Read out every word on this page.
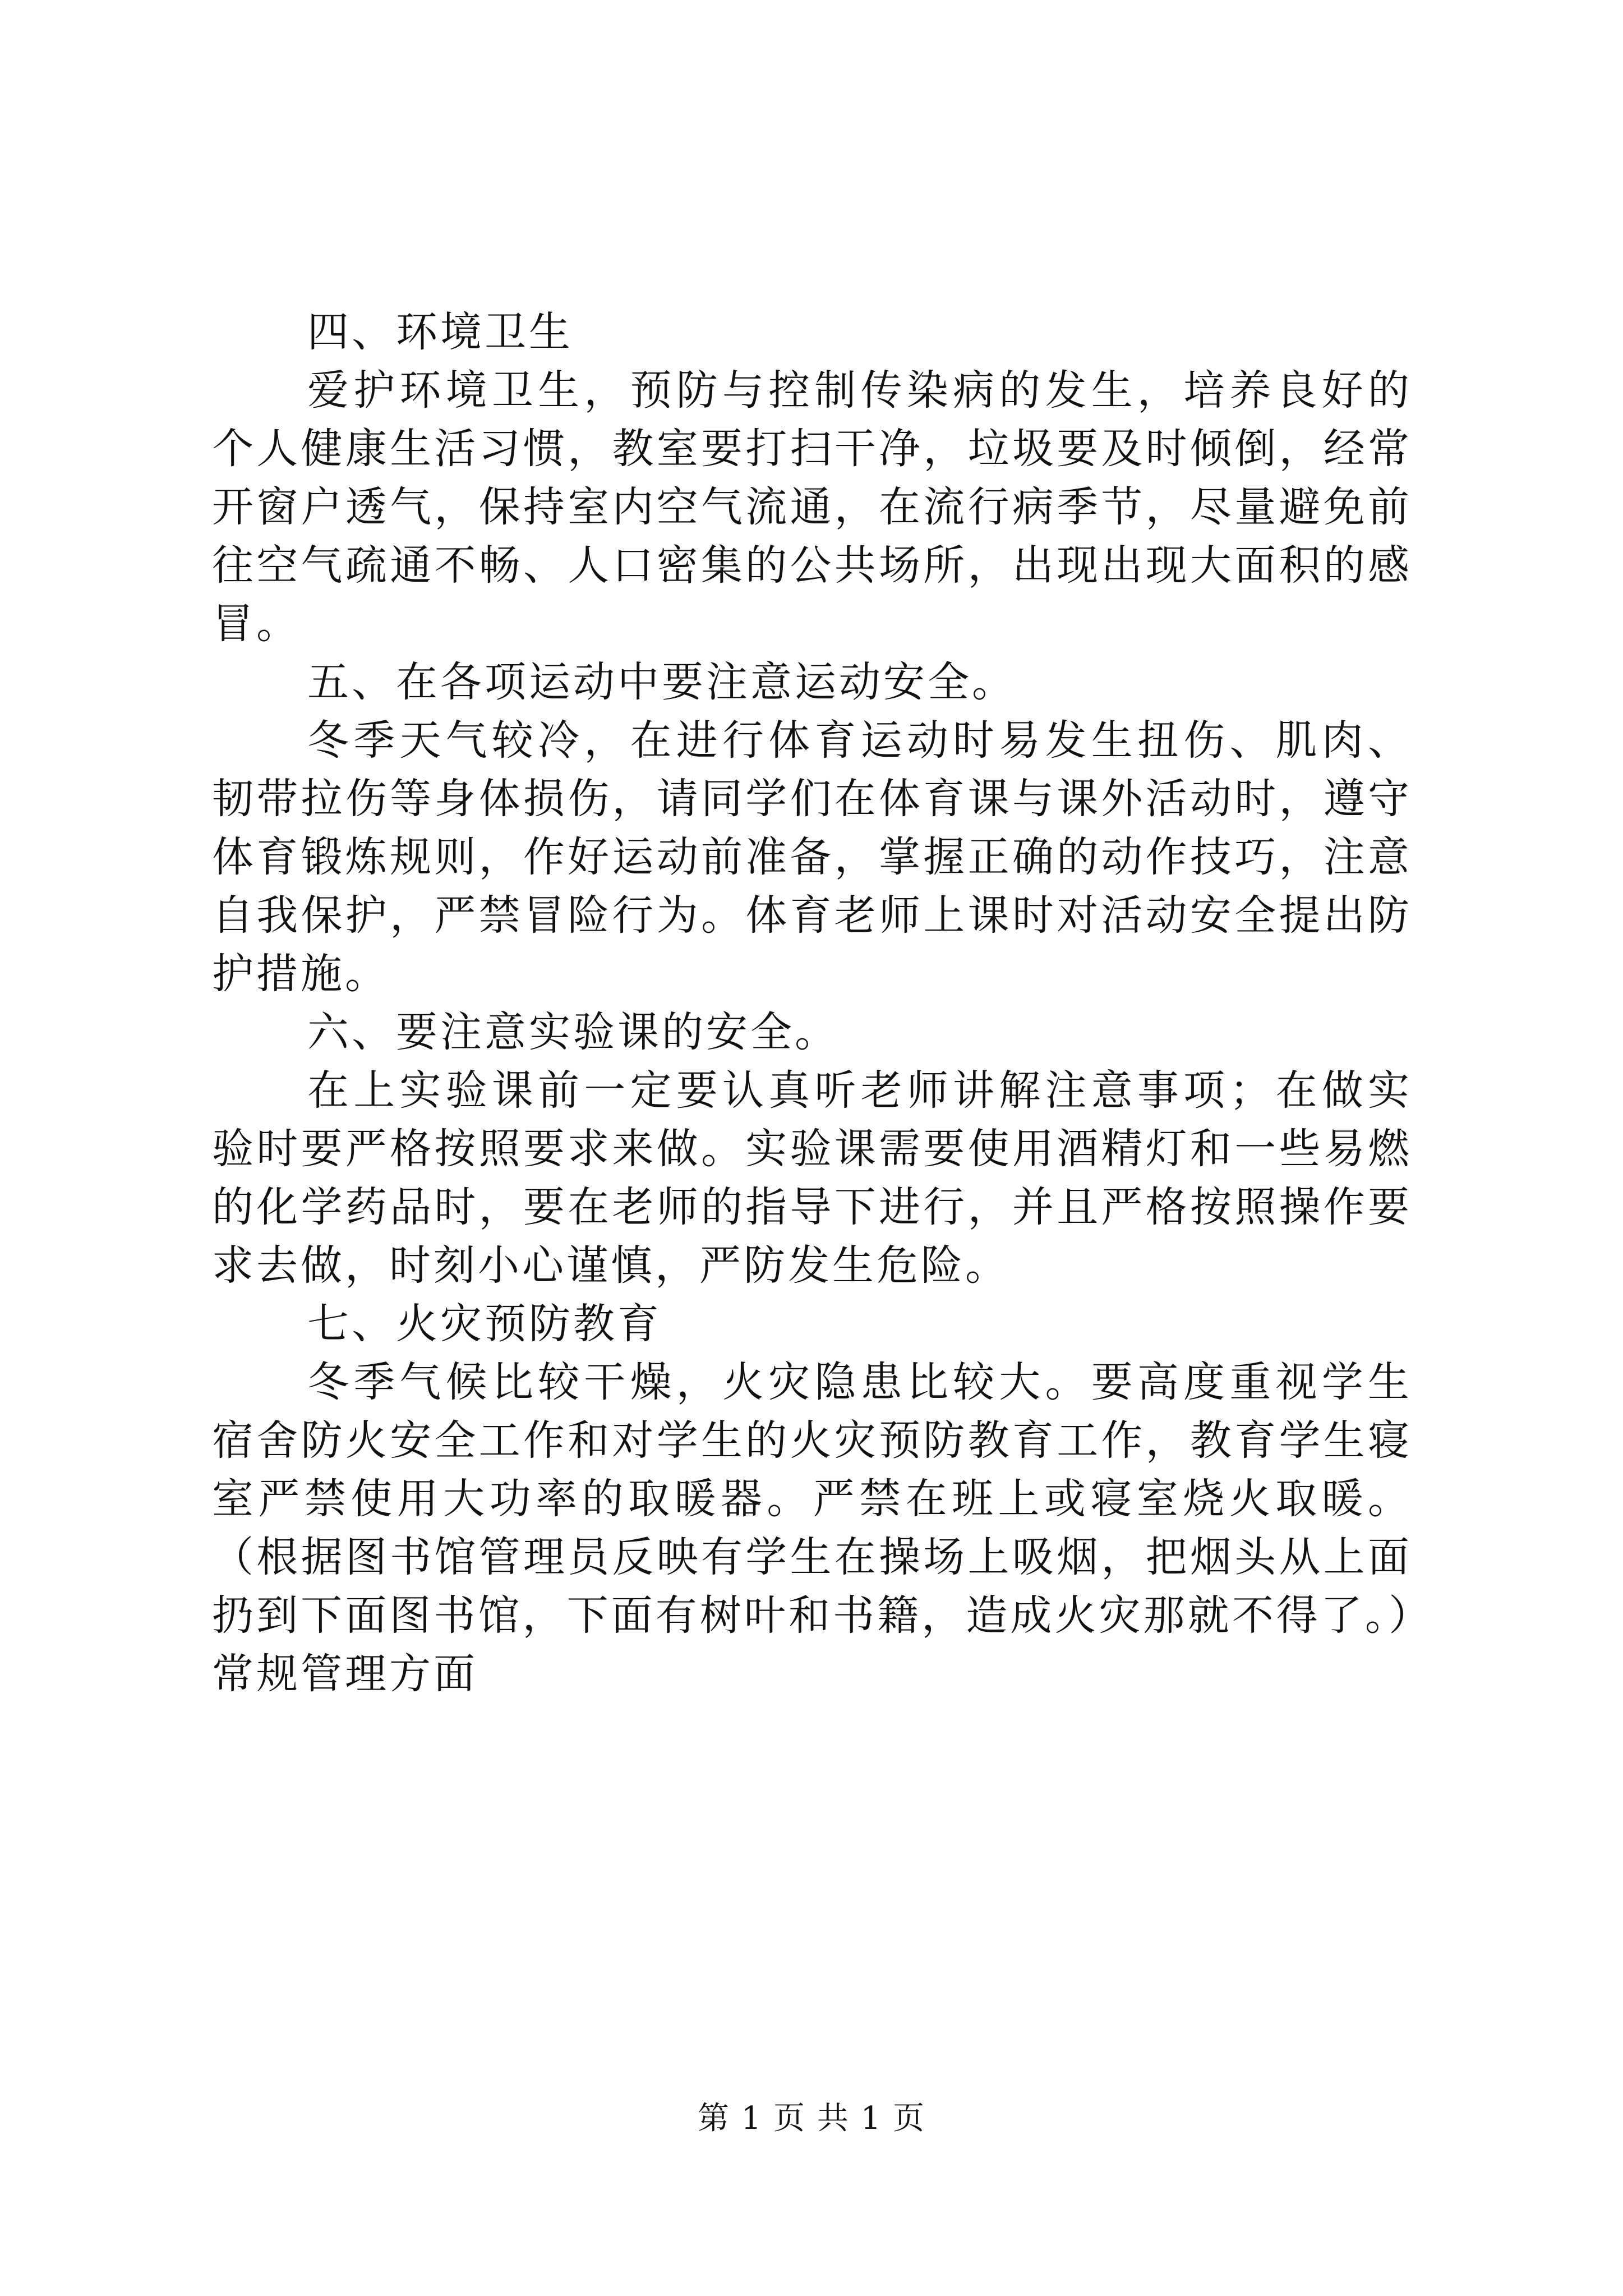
四、环境卫生

爱护环境卫生，预防与控制传染病的发生，培养良好的个人健康生活习惯，教室要打扫干净，垃圾要及时倾倒，经常开窗户透气，保持室内空气流通，在流行病季节，尽量避免前往空气疏通不畅、人口密集的公共场所，出现出现大面积的感冒。

五、在各项运动中要注意运动安全。

冬季天气较冷，在进行体育运动时易发生扭伤、肌肉、韧带拉伤等身体损伤，请同学们在体育课与课外活动时，遵守体育锻炼规则，作好运动前准备，掌握正确的动作技巧，注意自我保护，严禁冒险行为。体育老师上课时对活动安全提出防护措施。

六、要注意实验课的安全。

在上实验课前一定要认真听老师讲解注意事项；在做实验时要严格按照要求来做。实验课需要使用酒精灯和一些易燃的化学药品时，要在老师的指导下进行，并且严格按照操作要求去做，时刻小心谨慎，严防发生危险。

七、火灾预防教育

冬季气候比较干燥，火灾隐患比较大。要高度重视学生宿舍防火安全工作和对学生的火灾预防教育工作，教育学生寝室严禁使用大功率的取暖器。严禁在班上或寝室烧火取暖。（根据图书馆管理员反映有学生在操场上吸烟，把烟头从上面扔到下面图书馆，下面有树叶和书籍，造成火灾那就不得了。）常规管理方面

第 1 页 共 1 页
